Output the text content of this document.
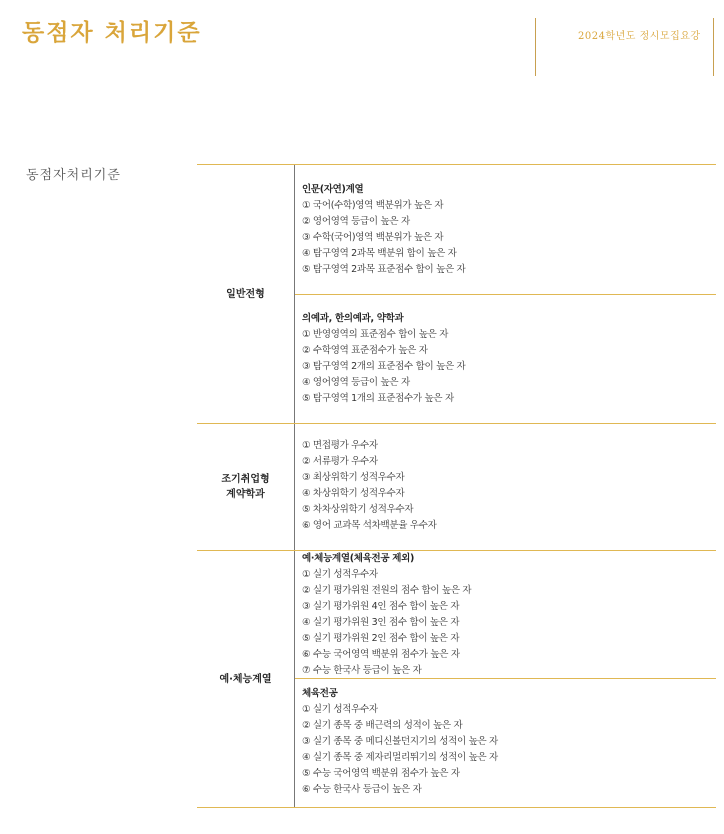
동점자 처리기준	2024학년도 정시모집요강
동점자처리기준
일반전형
인문(자연)계열
① 국어(수학)영역 백분위가 높은 자
② 영어영역 등급이 높은 자
③ 수학(국어)영역 백분위가 높은 자
④ 탐구영역 2과목 백분위 합이 높은 자
⑤ 탐구영역 2과목 표준점수 합이 높은 자
의예과, 한의예과, 약학과
① 반영영역의 표준점수 합이 높은 자
② 수학영역 표준점수가 높은 자
③ 탐구영역 2개의 표준점수 합이 높은 자
④ 영어영역 등급이 높은 자
⑤ 탐구영역 1개의 표준점수가 높은 자
조기취업형
계약학과
① 면접평가 우수자
② 서류평가 우수자
③ 최상위학기 성적우수자
④ 차상위학기 성적우수자
⑤ 차차상위학기 성적우수자
⑥ 영어 교과목 석차백분율 우수자
예·체능계열
예·체능계열(체육전공 제외)
① 실기 성적우수자
② 실기 평가위원 전원의 점수 합이 높은 자
③ 실기 평가위원 4인 점수 합이 높은 자
④ 실기 평가위원 3인 점수 합이 높은 자
⑤ 실기 평가위원 2인 점수 합이 높은 자
⑥ 수능 국어영역 백분위 점수가 높은 자
⑦ 수능 한국사 등급이 높은 자
체육전공
① 실기 성적우수자
② 실기 종목 중 배근력의 성적이 높은 자
③ 실기 종목 중 메디신볼던지기의 성적이 높은 자
④ 실기 종목 중 제자리멀리뛰기의 성적이 높은 자
⑤ 수능 국어영역 백분위 점수가 높은 자
⑥ 수능 한국사 등급이 높은 자
